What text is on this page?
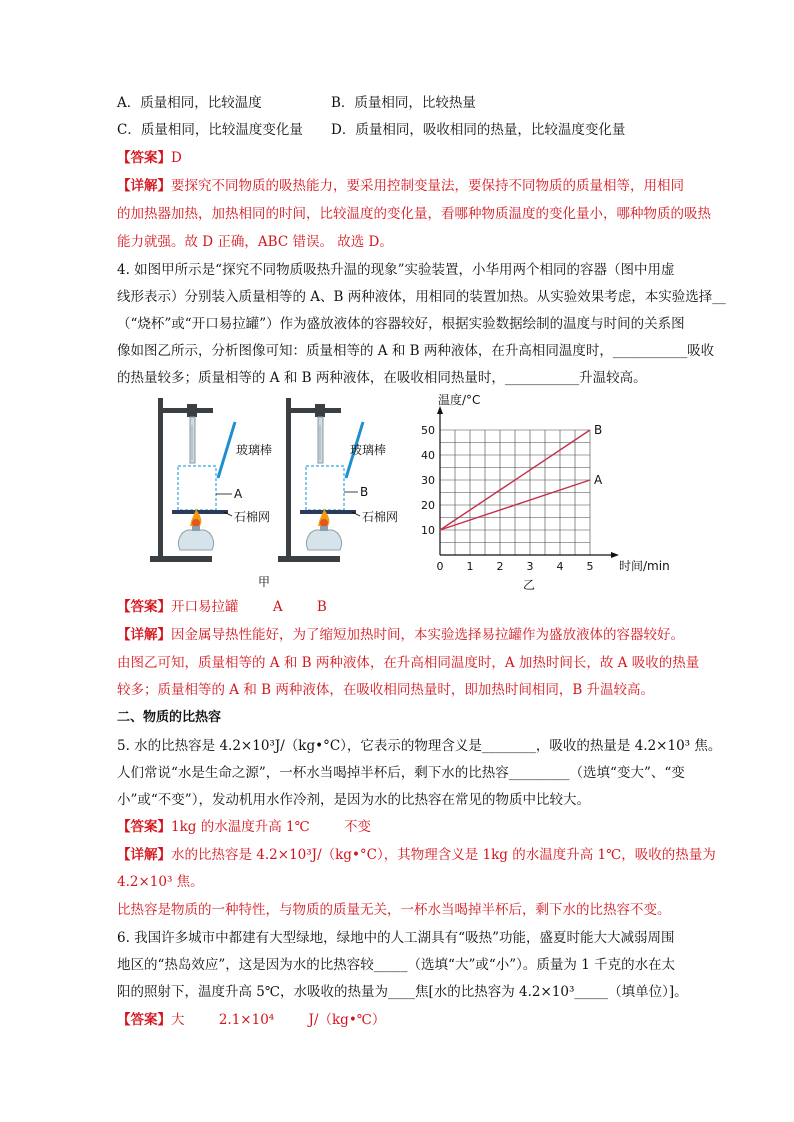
A．质量相同，比较温度	B．质量相同，比较热量
C．质量相同，比较温度变化量 D．质量相同，吸收相同的热量，比较温度变化量
【答案】D
【详解】要探究不同物质的吸热能力，要采用控制变量法，要保持不同物质的质量相等，用相同
的加热器加热，加热相同的时间，比较温度的变化量，看哪种物质温度的变化量小，哪种物质的吸热
能力就强。故 D 正确，ABC 错误。 故选 D。
4. 如图甲所示是“探究不同物质吸热升温的现象”实验装置，小华用两个相同的容器（图中用虚
线形表示）分别装入质量相等的 A、B 两种液体，用相同的装置加热。从实验效果考虑，本实验选择__
（“烧杯”或“开口易拉罐”）作为盛放液体的容器较好，根据实验数据绘制的温度与时间的关系图
像如图乙所示，分析图像可知：质量相等的 A 和 B 两种液体，在升高相同温度时，___________吸收
的热量较多；质量相等的 A 和 B 两种液体，在吸收相同热量时，___________升温较高。
玻璃棒
A
石棉网
玻璃棒
B
石棉网
甲
0 1 2 3 4 5
10
20
30
40
50
温度/°C
时间/min
B
A
乙
【答案】开口易拉罐        A        B
【详解】因金属导热性能好，为了缩短加热时间，本实验选择易拉罐作为盛放液体的容器较好。
由图乙可知，质量相等的 A 和 B 两种液体，在升高相同温度时，A 加热时间长，故 A 吸收的热量
较多；质量相等的 A 和 B 两种液体，在吸收相同热量时，即加热时间相同，B 升温较高。
二、物质的比热容
5. 水的比热容是 4.2×10³J/（kg•°C），它表示的物理含义是________，吸收的热量是 4.2×10³ 焦。
人们常说“水是生命之源”，一杯水当喝掉半杯后，剩下水的比热容_________（选填“变大”、“变
小”或“不变”），发动机用水作冷剂，是因为水的比热容在常见的物质中比较大。
【答案】1kg 的水温度升高 1℃        不变
【详解】水的比热容是 4.2×10³J/（kg•°C），其物理含义是 1kg 的水温度升高 1℃，吸收的热量为
4.2×10³ 焦。
比热容是物质的一种特性，与物质的质量无关，一杯水当喝掉半杯后，剩下水的比热容不变。
6. 我国许多城市中都建有大型绿地，绿地中的人工湖具有“吸热”功能，盛夏时能大大减弱周围
地区的“热岛效应”，这是因为水的比热容较_____（选填“大”或“小”）。质量为 1 千克的水在太
阳的照射下，温度升高 5℃，水吸收的热量为____焦[水的比热容为 4.2×10³_____（填单位）]。
【答案】大        2.1×10⁴        J/（kg•℃）
